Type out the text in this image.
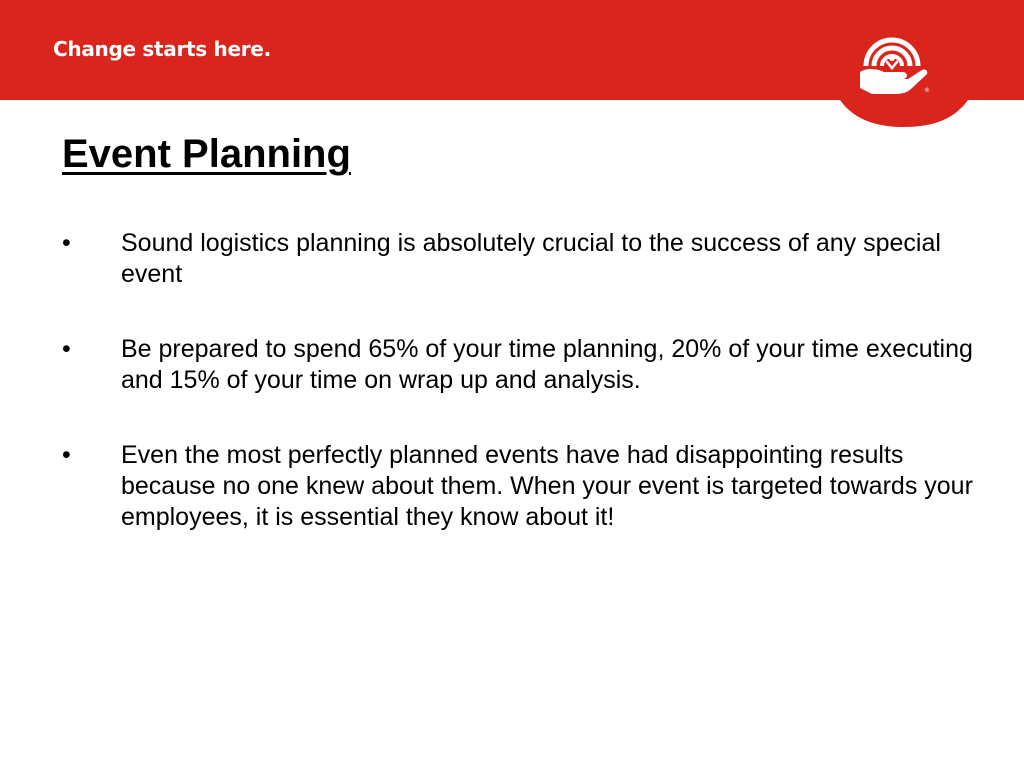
Change starts here.
®
Event Planning
•	Sound logistics planning is absolutely crucial to the success of any special event
•	Be prepared to spend 65% of your time planning, 20% of your time executing and 15% of your time on wrap up and analysis.
•	Even the most perfectly planned events have had disappointing results because no one knew about them. When your event is targeted towards your employees, it is essential they know about it!
